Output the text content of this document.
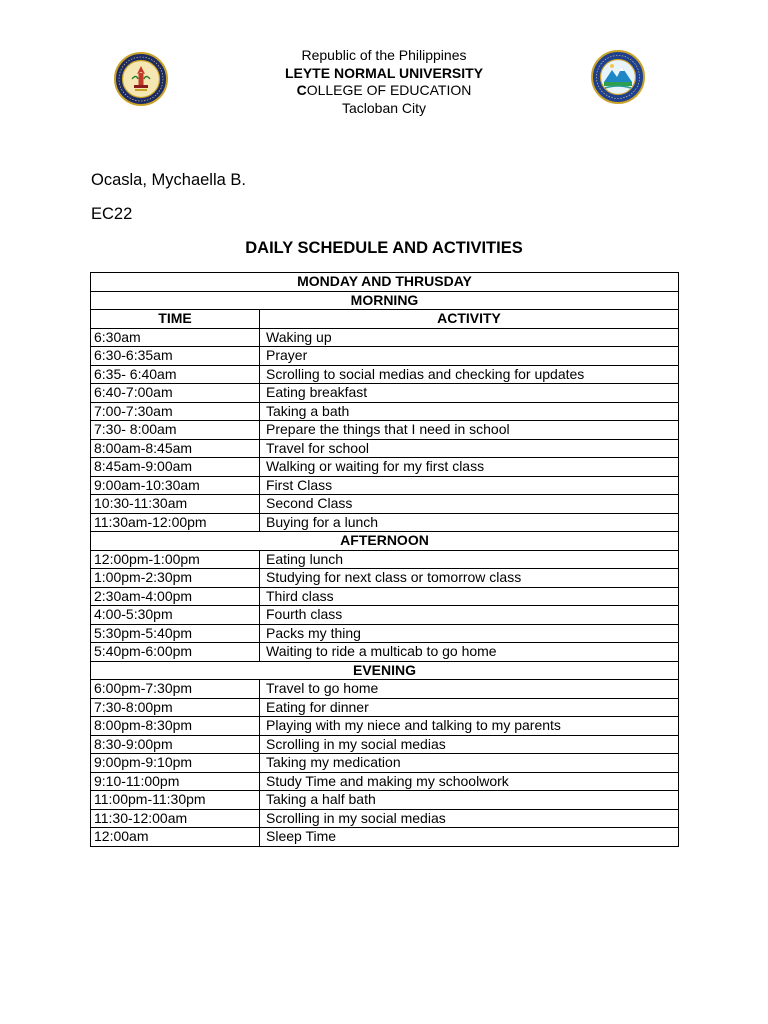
Republic of the Philippines
LEYTE NORMAL UNIVERSITY
COLLEGE OF EDUCATION
Tacloban City
Ocasla, Mychaella B.
EC22
DAILY SCHEDULE AND ACTIVITIES
MONDAY AND THRUSDAY	
MORNING	
TIME	ACTIVITY
6:30am	Waking up
6:30-6:35am	Prayer
6:35- 6:40am	Scrolling to social medias and checking for updates
6:40-7:00am	Eating breakfast
7:00-7:30am	Taking a bath
7:30- 8:00am	Prepare the things that I need in school
8:00am-8:45am	Travel for school
8:45am-9:00am	Walking or waiting for my first class
9:00am-10:30am	First Class
10:30-11:30am	Second Class
11:30am-12:00pm	Buying for a lunch
AFTERNOON	
12:00pm-1:00pm	Eating lunch
1:00pm-2:30pm	Studying for next class or tomorrow class
2:30am-4:00pm	Third class
4:00-5:30pm	Fourth class
5:30pm-5:40pm	Packs my thing
5:40pm-6:00pm	Waiting to ride a multicab to go home
EVENING	
6:00pm-7:30pm	Travel to go home
7:30-8:00pm	Eating for dinner
8:00pm-8:30pm	Playing with my niece and talking to my parents
8:30-9:00pm	Scrolling in my social medias
9:00pm-9:10pm	Taking my medication
9:10-11:00pm	Study Time and making my schoolwork
11:00pm-11:30pm	Taking a half bath
11:30-12:00am	Scrolling in my social medias
12:00am	Sleep Time
